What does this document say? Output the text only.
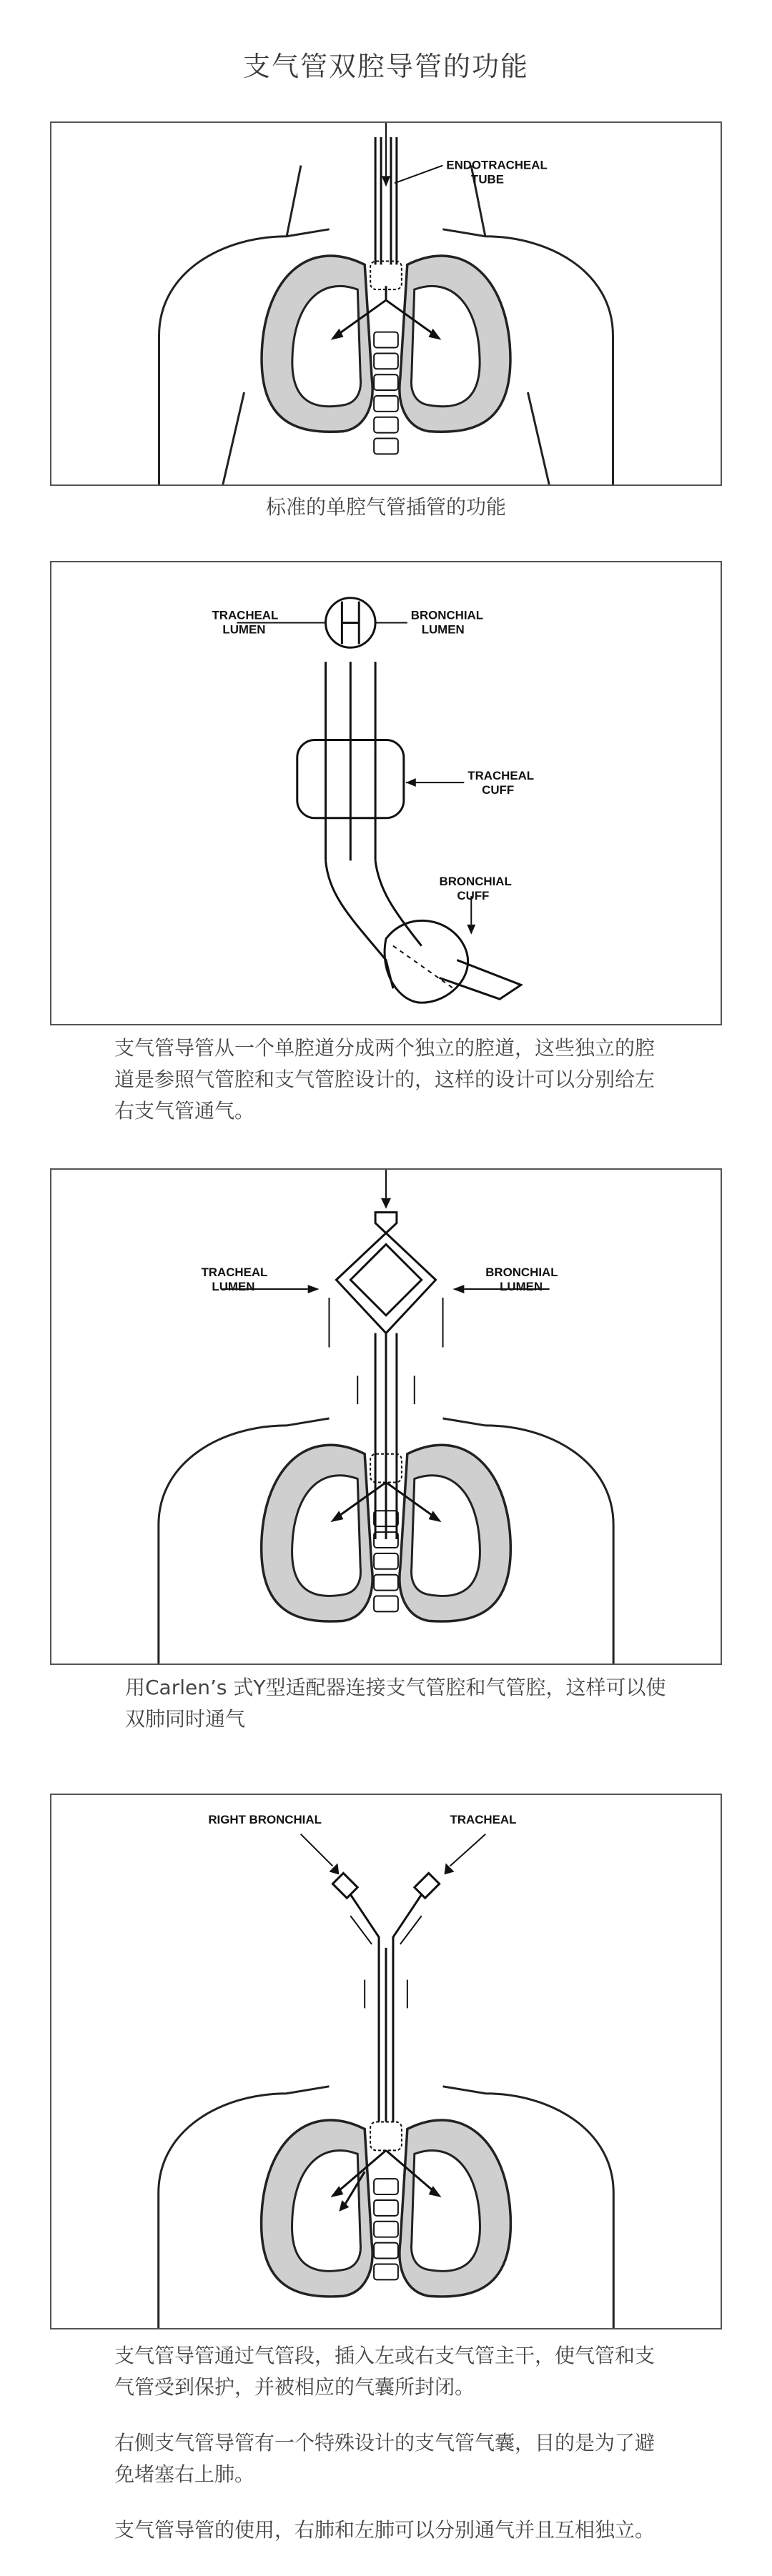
支气管双腔导管的功能
ENDOTRACHEAL
TUBE
标准的单腔气管插管的功能
TRACHEAL
LUMEN
BRONCHIAL
LUMEN
TRACHEAL
CUFF
BRONCHIAL
CUFF
支气管导管从一个单腔道分成两个独立的腔道，这些独立的腔道是参照气管腔和支气管腔设计的，这样的设计可以分别给左右支气管通气。
TRACHEAL
LUMEN
BRONCHIAL
LUMEN
用Carlen’s 式Y型适配器连接支气管腔和气管腔，这样可以使双肺同时通气
RIGHT BRONCHIAL	TRACHEAL

支气管导管通过气管段，插入左或右支气管主干，使气管和支气管受到保护，并被相应的气囊所封闭。

右侧支气管导管有一个特殊设计的支气管气囊，目的是为了避免堵塞右上肺。

支气管导管的使用，右肺和左肺可以分别通气并且互相独立。
